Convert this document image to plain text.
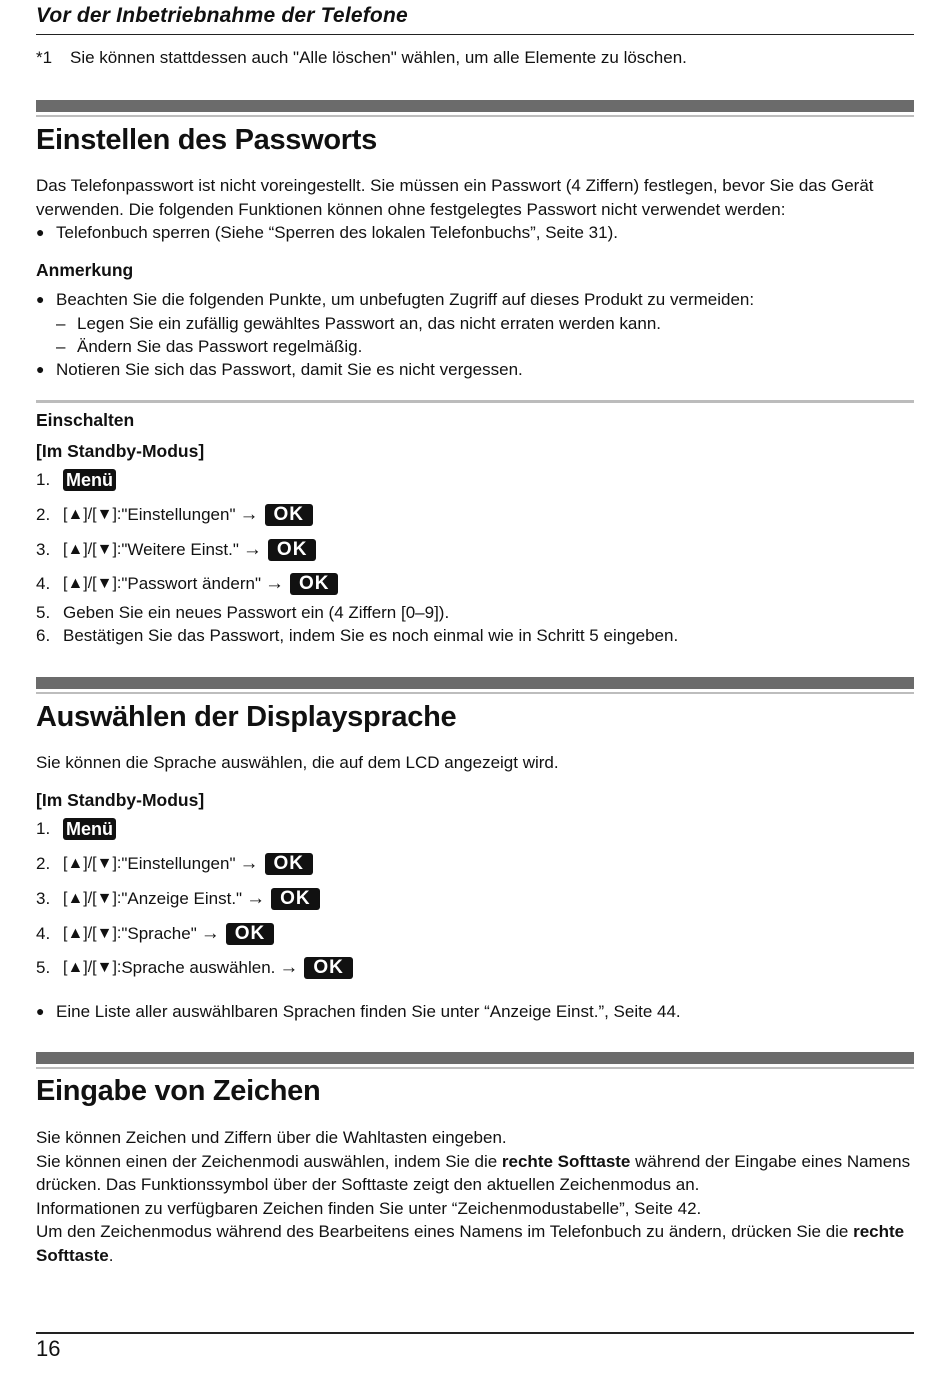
Vor der Inbetriebnahme der Telefone
*1	Sie können stattdessen auch "Alle löschen" wählen, um alle Elemente zu löschen.
Einstellen des Passworts
Das Telefonpasswort ist nicht voreingestellt. Sie müssen ein Passwort (4 Ziffern) festlegen, bevor Sie das Gerät verwenden. Die folgenden Funktionen können ohne festgelegtes Passwort nicht verwendet werden:
● Telefonbuch sperren (Siehe “Sperren des lokalen Telefonbuchs”, Seite 31).
Anmerkung
● Beachten Sie die folgenden Punkte, um unbefugten Zugriff auf dieses Produkt zu vermeiden:
– Legen Sie ein zufällig gewähltes Passwort an, das nicht erraten werden kann.
– Ändern Sie das Passwort regelmäßig.
● Notieren Sie sich das Passwort, damit Sie es nicht vergessen.
Einschalten
[Im Standby-Modus]
1. Menü
2. [▲]/[▼]: "Einstellungen" → OK
3. [▲]/[▼]: "Weitere Einst." → OK
4. [▲]/[▼]: "Passwort ändern" → OK
5. Geben Sie ein neues Passwort ein (4 Ziffern [0–9]).
6. Bestätigen Sie das Passwort, indem Sie es noch einmal wie in Schritt 5 eingeben.
Auswählen der Displaysprache
Sie können die Sprache auswählen, die auf dem LCD angezeigt wird.
[Im Standby-Modus]
1. Menü
2. [▲]/[▼]: "Einstellungen" → OK
3. [▲]/[▼]: "Anzeige Einst." → OK
4. [▲]/[▼]: "Sprache" → OK
5. [▲]/[▼]: Sprache auswählen. → OK
● Eine Liste aller auswählbaren Sprachen finden Sie unter “Anzeige Einst.”, Seite 44.
Eingabe von Zeichen
Sie können Zeichen und Ziffern über die Wahltasten eingeben.
Sie können einen der Zeichenmodi auswählen, indem Sie die rechte Softtaste während der Eingabe eines Namens drücken. Das Funktionssymbol über der Softtaste zeigt den aktuellen Zeichenmodus an.
Informationen zu verfügbaren Zeichen finden Sie unter “Zeichenmodustabelle”, Seite 42.
Um den Zeichenmodus während des Bearbeitens eines Namens im Telefonbuch zu ändern, drücken Sie die rechte Softtaste.
16
